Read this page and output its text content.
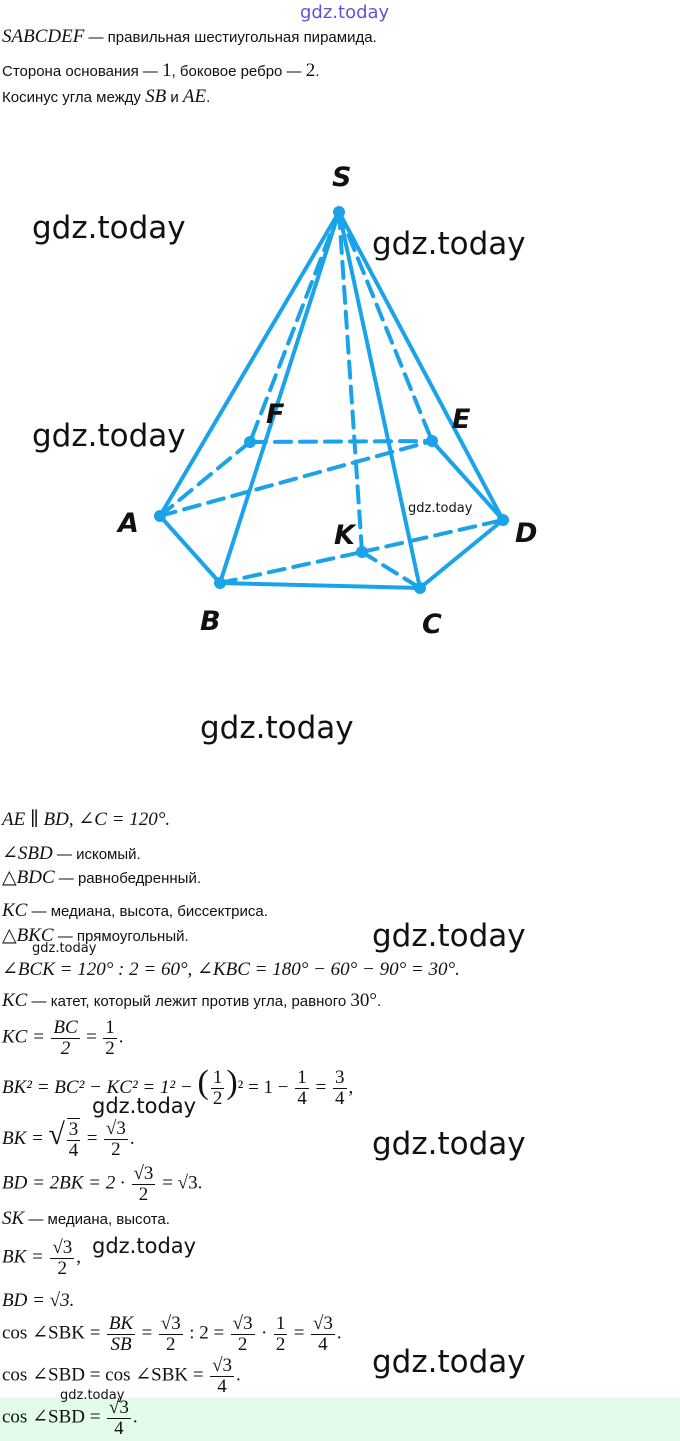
gdz.today
SABCDEF — правильная шестиугольная пирамида.
Сторона основания — 1, боковое ребро — 2.
Косинус угла между SB и AE.
S
A
B	C
D
E
F
K
gdz.today	gdz.today
gdz.today
gdz.today
gdz.today
AE ∥ BD, ∠C = 120°.
∠SBD — искомый.
△BDC — равнобедренный.
KC — медиана, высота, биссектриса.
△BKC — прямоугольный.
gdz.today	gdz.today
∠BCK = 120° : 2 = 60°, ∠KBC = 180° − 60° − 90° = 30°.
KC — катет, который лежит против угла, равного 30°.
KC = $\frac{BC}{2} = \frac{1}{2}$ .
BK² = BC² − KC² = 1² − ( $\frac{1}{2} )^2 = 1 - \frac{1}{4} = \frac{3}{4}$ ,
gdz.today
BK = √ $\frac{3}{4} = \frac{√3}{2}$ .	gdz.today
BD = $2BK = 2 \cdot \frac{√3}{2} = √3$.
SK — медиана, высота.
BK = $\frac{√3}{2}$ , gdz.today
BD = √3.
cos ∠SBK = $\frac{BK}{SB} = \frac{√3}{2}$ : $2 = \frac{√3}{2} \cdot \frac{1}{2} = \frac{√3}{4}$ .
gdz.today
cos ∠SBD = cos ∠SBK = $\frac{√3}{4}$ .
gdz.today
cos ∠SBD = $\frac{√3}{4}$ .
